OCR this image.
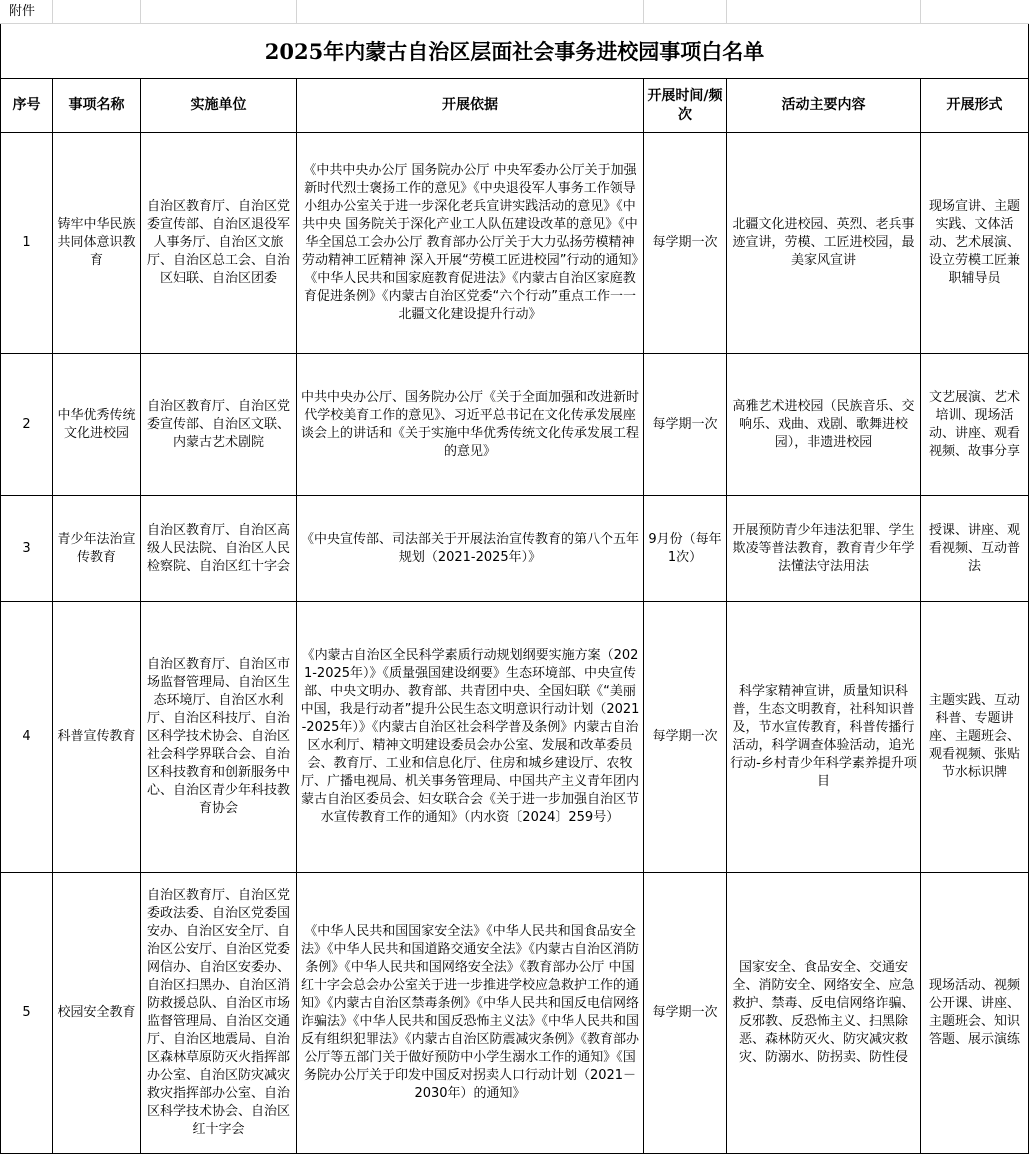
附件
2025年内蒙古自治区层面社会事务进校园事项白名单
序号	事项名称	实施单位	开展依据	开展时间/频次	活动主要内容	开展形式
1	铸牢中华民族共同体意识教育	自治区教育厅、自治区党委宣传部、自治区退役军人事务厅、自治区文旅厅、自治区总工会、自治区妇联、自治区团委	《中共中央办公厅 国务院办公厅 中央军委办公厅关于加强新时代烈士褒扬工作的意见》《中央退役军人事务工作领导小组办公室关于进一步深化老兵宣讲实践活动的意见》《中共中央 国务院关于深化产业工人队伍建设改革的意见》《中华全国总工会办公厅 教育部办公厅关于大力弘扬劳模精神劳动精神工匠精神 深入开展“劳模工匠进校园”行动的通知》《中华人民共和国家庭教育促进法》《内蒙古自治区家庭教育促进条例》《内蒙古自治区党委“六个行动”重点工作一一北疆文化建设提升行动》	每学期一次	北疆文化进校园、英烈、老兵事迹宣讲，劳模、工匠进校园，最美家风宣讲	现场宣讲、主题实践、文体活动、艺术展演、设立劳模工匠兼职辅导员
2	中华优秀传统文化进校园	自治区教育厅、自治区党委宣传部、自治区文联、内蒙古艺术剧院	中共中央办公厅、国务院办公厅《关于全面加强和改进新时代学校美育工作的意见》、习近平总书记在文化传承发展座谈会上的讲话和《关于实施中华优秀传统文化传承发展工程的意见》	每学期一次	高雅艺术进校园（民族音乐、交响乐、戏曲、戏剧、歌舞进校园），非遗进校园	文艺展演、艺术培训、现场活动、讲座、观看视频、故事分享
3	青少年法治宣传教育	自治区教育厅、自治区高级人民法院、自治区人民检察院、自治区红十字会	《中央宣传部、司法部关于开展法治宣传教育的第八个五年规划（2021-2025年）》	9月份（每年1次）	开展预防青少年违法犯罪、学生欺凌等普法教育，教育青少年学法懂法守法用法	授课、讲座、观看视频、互动普法
4	科普宣传教育	自治区教育厅、自治区市场监督管理局、自治区生态环境厅、自治区水利厅、自治区科技厅、自治区科学技术协会、自治区社会科学界联合会、自治区科技教育和创新服务中心、自治区青少年科技教育协会	《内蒙古自治区全民科学素质行动规划纲要实施方案（2021-2025年）》《质量强国建设纲要》生态环境部、中央宣传部、中央文明办、教育部、共青团中央、全国妇联《“美丽中国，我是行动者”提升公民生态文明意识行动计划（2021-2025年）》《内蒙古自治区社会科学普及条例》内蒙古自治区水利厅、精神文明建设委员会办公室、发展和改革委员会、教育厅、工业和信息化厅、住房和城乡建设厅、农牧厅、广播电视局、机关事务管理局、中国共产主义青年团内蒙古自治区委员会、妇女联合会《关于进一步加强自治区节水宣传教育工作的通知》（内水资〔2024〕259号）	每学期一次	科学家精神宣讲，质量知识科普，生态文明教育，社科知识普及，节水宣传教育，科普传播行活动，科学调查体验活动，追光行动-乡村青少年科学素养提升项目	主题实践、互动科普、专题讲座、主题班会、观看视频、张贴节水标识牌
5	校园安全教育	自治区教育厅、自治区党委政法委、自治区党委国安办、自治区安全厅、自治区公安厅、自治区党委网信办、自治区安委办、自治区扫黑办、自治区消防救援总队、自治区市场监督管理局、自治区交通厅、自治区地震局、自治区森林草原防灭火指挥部办公室、自治区防灾减灾救灾指挥部办公室、自治区科学技术协会、自治区红十字会	《中华人民共和国国家安全法》《中华人民共和国食品安全法》《中华人民共和国道路交通安全法》《内蒙古自治区消防条例》《中华人民共和国网络安全法》《教育部办公厅 中国红十字会总会办公室关于进一步推进学校应急救护工作的通知》《内蒙古自治区禁毒条例》《中华人民共和国反电信网络诈骗法》《中华人民共和国反恐怖主义法》《中华人民共和国反有组织犯罪法》《内蒙古自治区防震减灾条例》《教育部办公厅等五部门关于做好预防中小学生溺水工作的通知》《国务院办公厅关于印发中国反对拐卖人口行动计划（2021－2030年）的通知》	每学期一次	国家安全、食品安全、交通安全、消防安全、网络安全、应急救护、禁毒、反电信网络诈骗、反邪教、反恐怖主义、扫黑除恶、森林防灭火、防灾减灾救灾、防溺水、防拐卖、防性侵	现场活动、视频公开课、讲座、主题班会、知识答题、展示演练
